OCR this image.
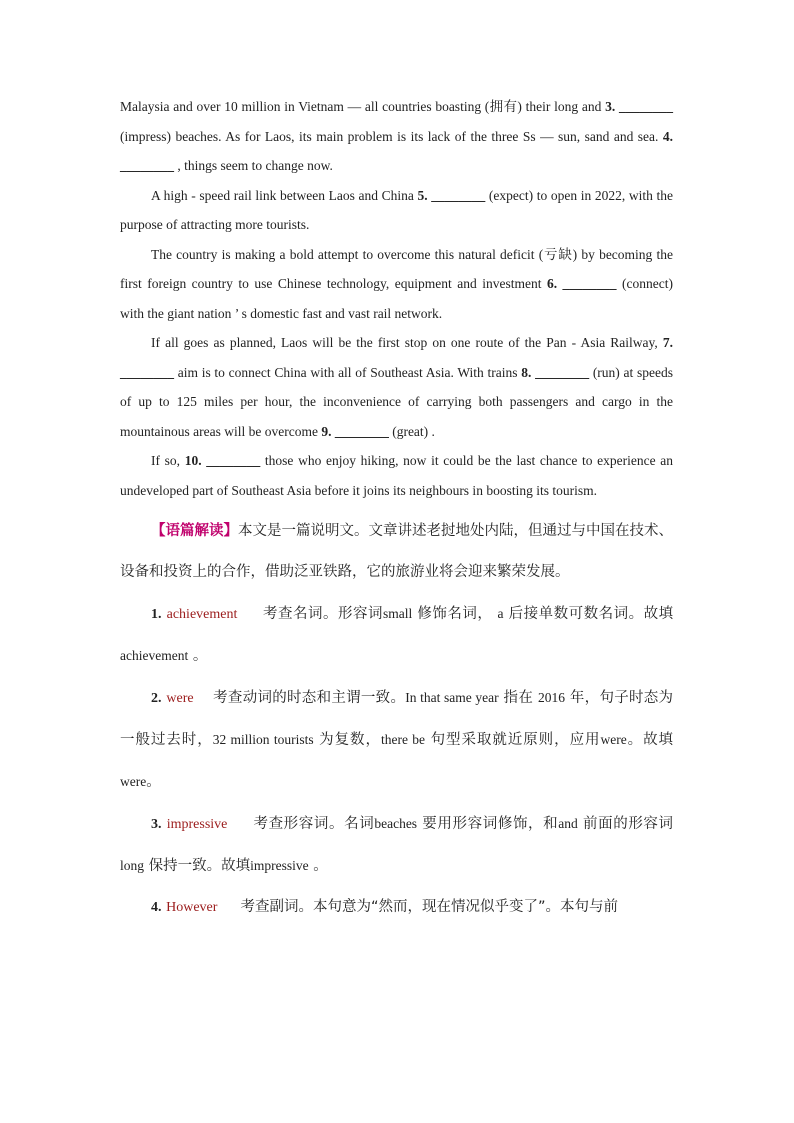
Malaysia and over 10 million in Vietnam — all countries boasting (拥有) their long and 3. ________ (impress) beaches. As for Laos, its main problem is its lack of the three Ss — sun, sand and sea. 4. ________ , things seem to change now.

A high - speed rail link between Laos and China 5. ________ (expect) to open in 2022, with the purpose of attracting more tourists.

The country is making a bold attempt to overcome this natural deficit (亏缺) by becoming the first foreign country to use Chinese technology, equipment and investment 6. ________ (connect) with the giant nation ’ s domestic fast and vast rail network.

If all goes as planned, Laos will be the first stop on one route of the Pan - Asia Railway, 7. ________ aim is to connect China with all of Southeast Asia. With trains 8. ________ (run) at speeds of up to 125 miles per hour, the inconvenience of carrying both passengers and cargo in the mountainous areas will be overcome 9. ________ (great) .

If so, 10. ________ those who enjoy hiking, now it could be the last chance to experience an undeveloped part of Southeast Asia before it joins its neighbours in boosting its tourism.

【语篇解读】本文是一篇说明文。文章讲述老挝地处内陆，但通过与中国在技术、设备和投资上的合作，借助泛亚铁路，它的旅游业将会迎来繁荣发展。

1. achievement 考查名词。形容词small 修饰名词， a 后接单数可数名词。故填achievement 。

2. were 考查动词的时态和主谓一致。In that same year 指在 2016 年，句子时态为一般过去时，32 million tourists 为复数，there be 句型采取就近原则，应用were。故填were。

3. impressive 考查形容词。名词beaches 要用形容词修饰，和and 前面的形容词long 保持一致。故填impressive 。

4. However 考查副词。本句意为“然而，现在情况似乎变了”。本句与前
